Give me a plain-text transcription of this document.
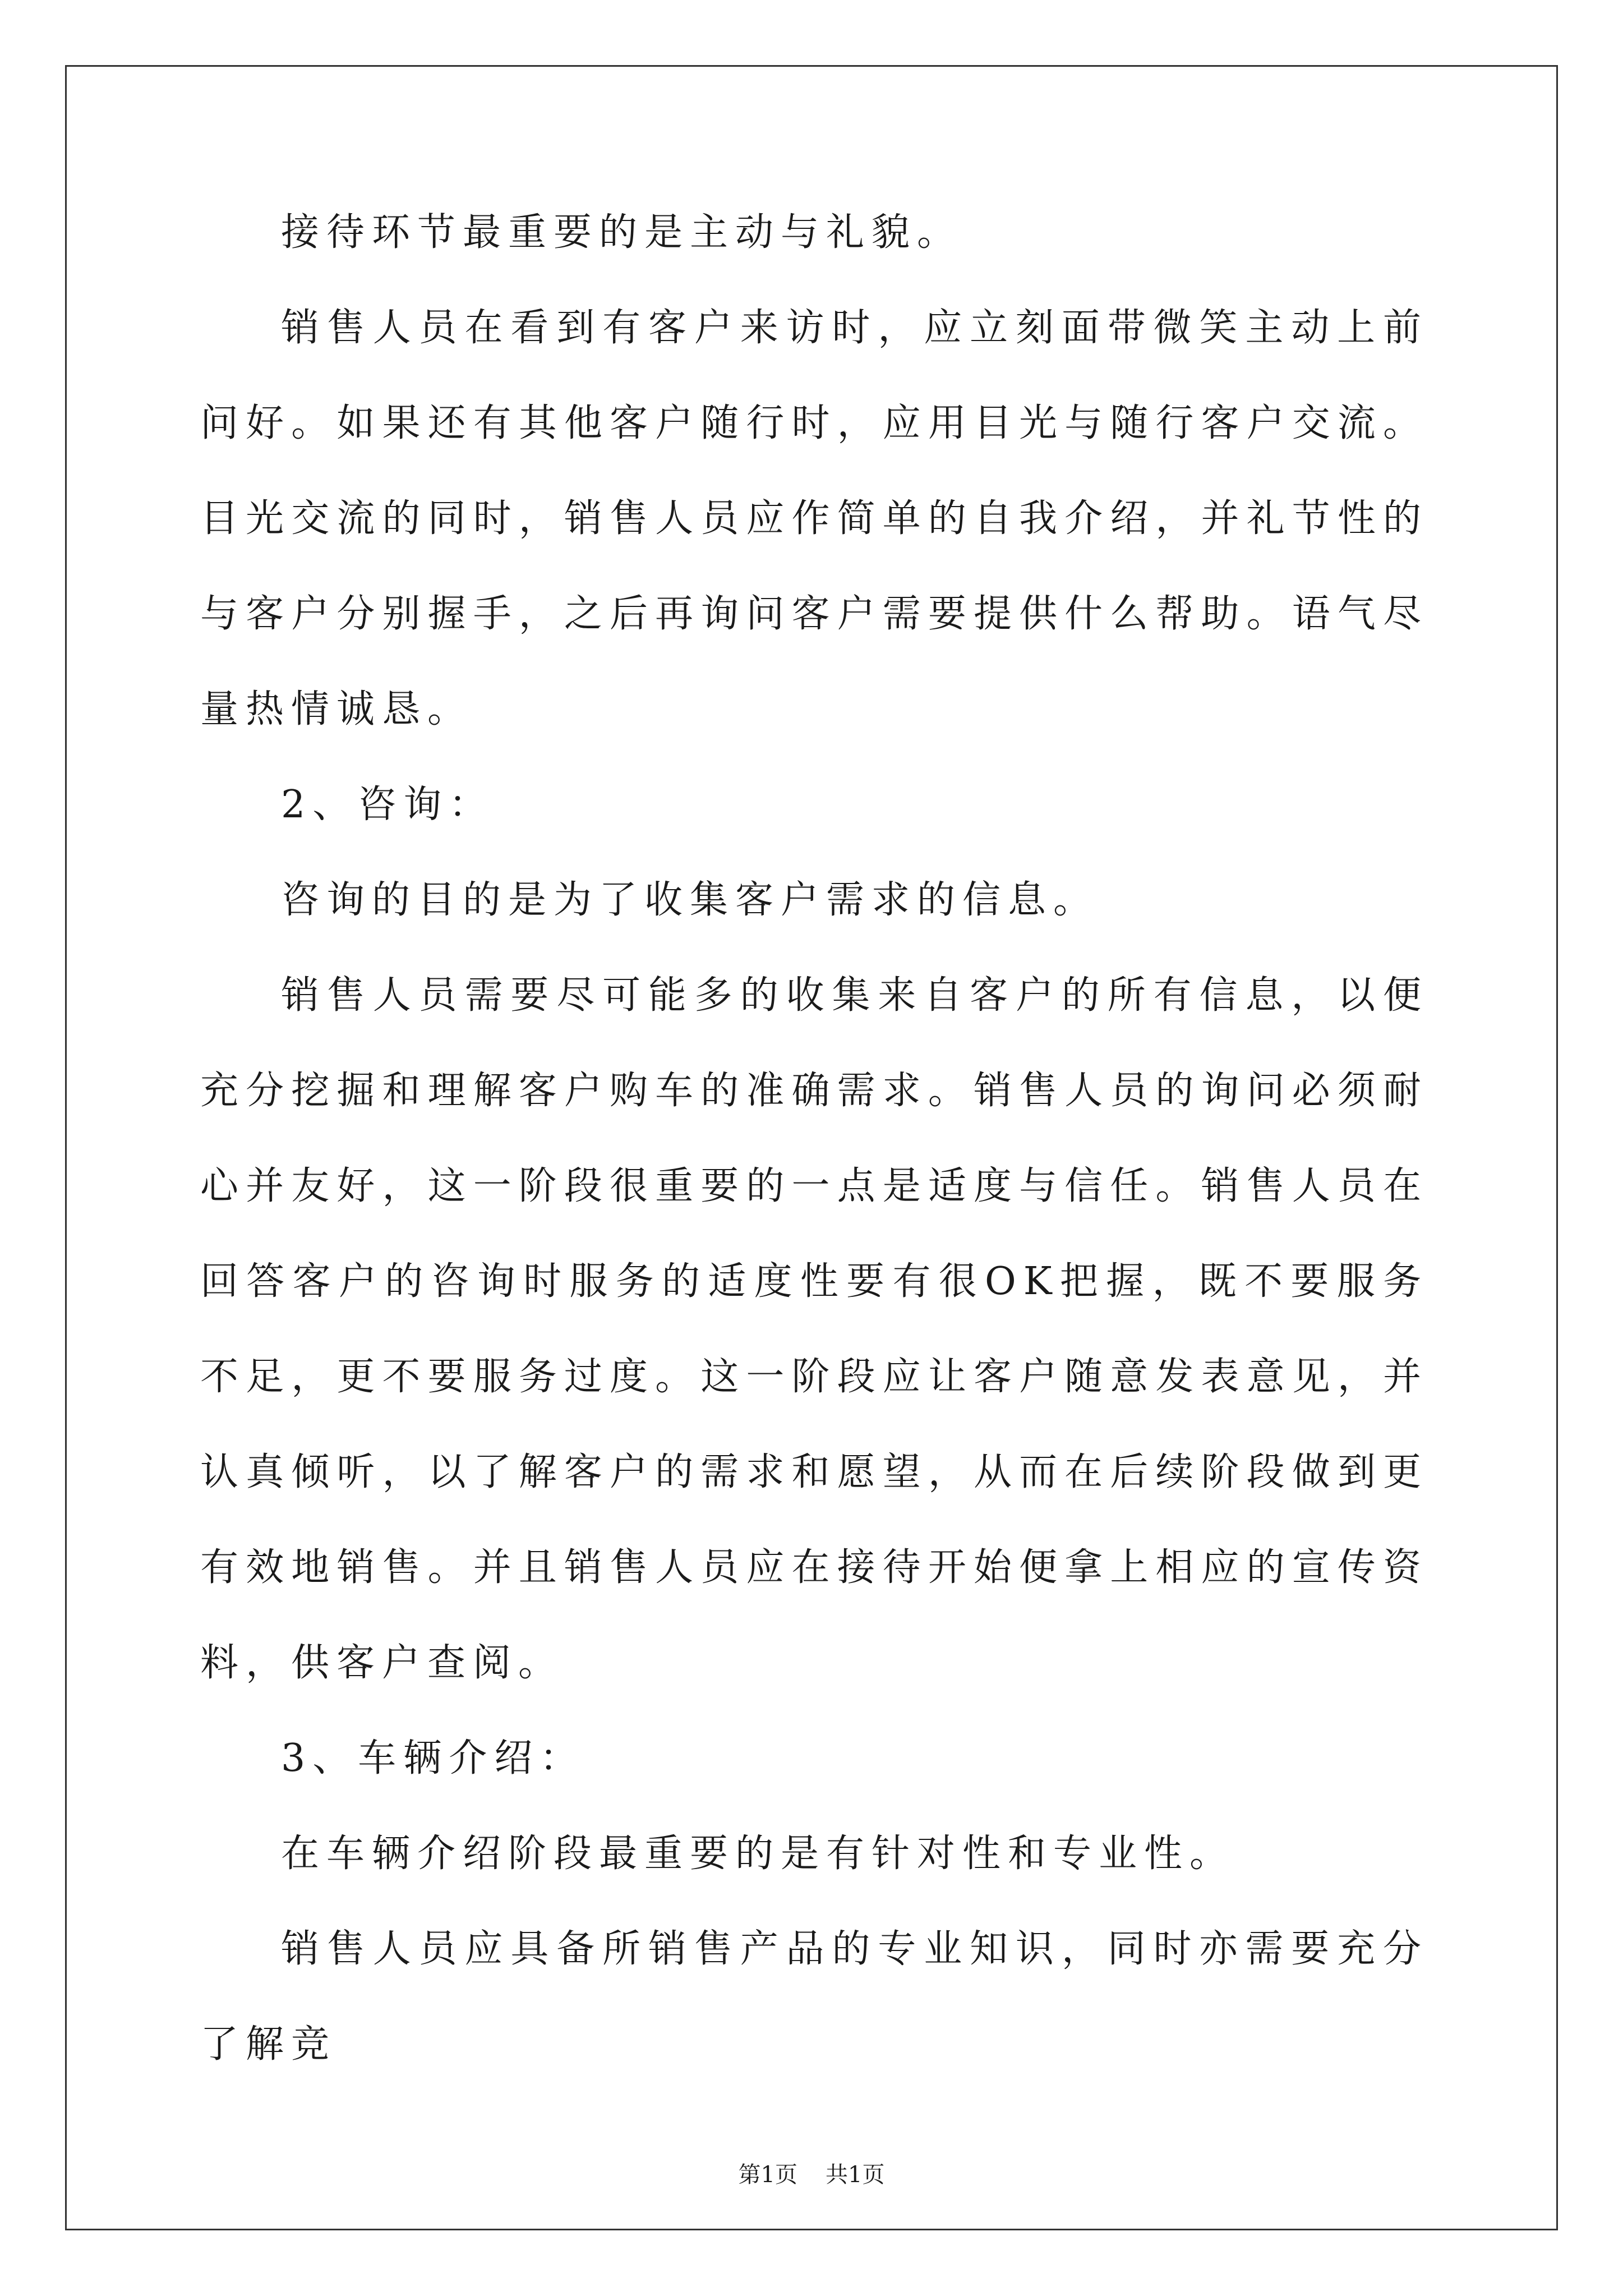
接待环节最重要的是主动与礼貌。

销售人员在看到有客户来访时，应立刻面带微笑主动上前问好。如果还有其他客户随行时，应用目光与随行客户交流。目光交流的同时，销售人员应作简单的自我介绍，并礼节性的与客户分别握手，之后再询问客户需要提供什么帮助。语气尽量热情诚恳。

2、咨询：

咨询的目的是为了收集客户需求的信息。

销售人员需要尽可能多的收集来自客户的所有信息，以便充分挖掘和理解客户购车的准确需求。销售人员的询问必须耐心并友好，这一阶段很重要的一点是适度与信任。销售人员在回答客户的咨询时服务的适度性要有很OK把握，既不要服务不足，更不要服务过度。这一阶段应让客户随意发表意见，并认真倾听，以了解客户的需求和愿望，从而在后续阶段做到更有效地销售。并且销售人员应在接待开始便拿上相应的宣传资料，供客户查阅。

3、车辆介绍：

在车辆介绍阶段最重要的是有针对性和专业性。

销售人员应具备所销售产品的专业知识，同时亦需要充分了解竞

第1页 共1页
